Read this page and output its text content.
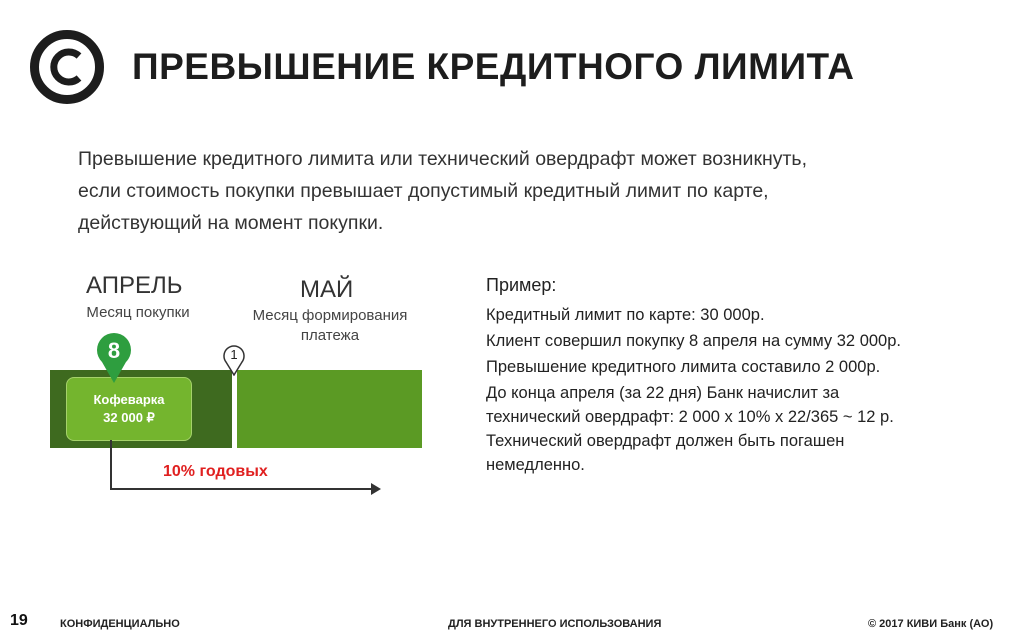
ПРЕВЫШЕНИЕ КРЕДИТНОГО ЛИМИТА
Превышение кредитного лимита или технический овердрафт может возникнуть,
если стоимость покупки превышает допустимый кредитный лимит по карте,
действующий на момент покупки.
АПРЕЛЬ
Месяц покупки
МАЙ
Месяц формирования
платежа
Кофеварка
32 000 ₽
8	1
10% годовых
Пример:
Кредитный лимит по карте: 30 000р.
Клиент совершил покупку 8 апреля на сумму 32 000р.
Превышение кредитного лимита составило 2 000р.
До конца апреля (за 22 дня) Банк начислит за
технический овердрафт: 2 000 х 10% х 22/365 ~ 12 р.
Технический овердрафт должен быть погашен
немедленно.
19	КОНФИДЕНЦИАЛЬНО	ДЛЯ ВНУТРЕННЕГО ИСПОЛЬЗОВАНИЯ	© 2017 КИВИ Банк (АО)
